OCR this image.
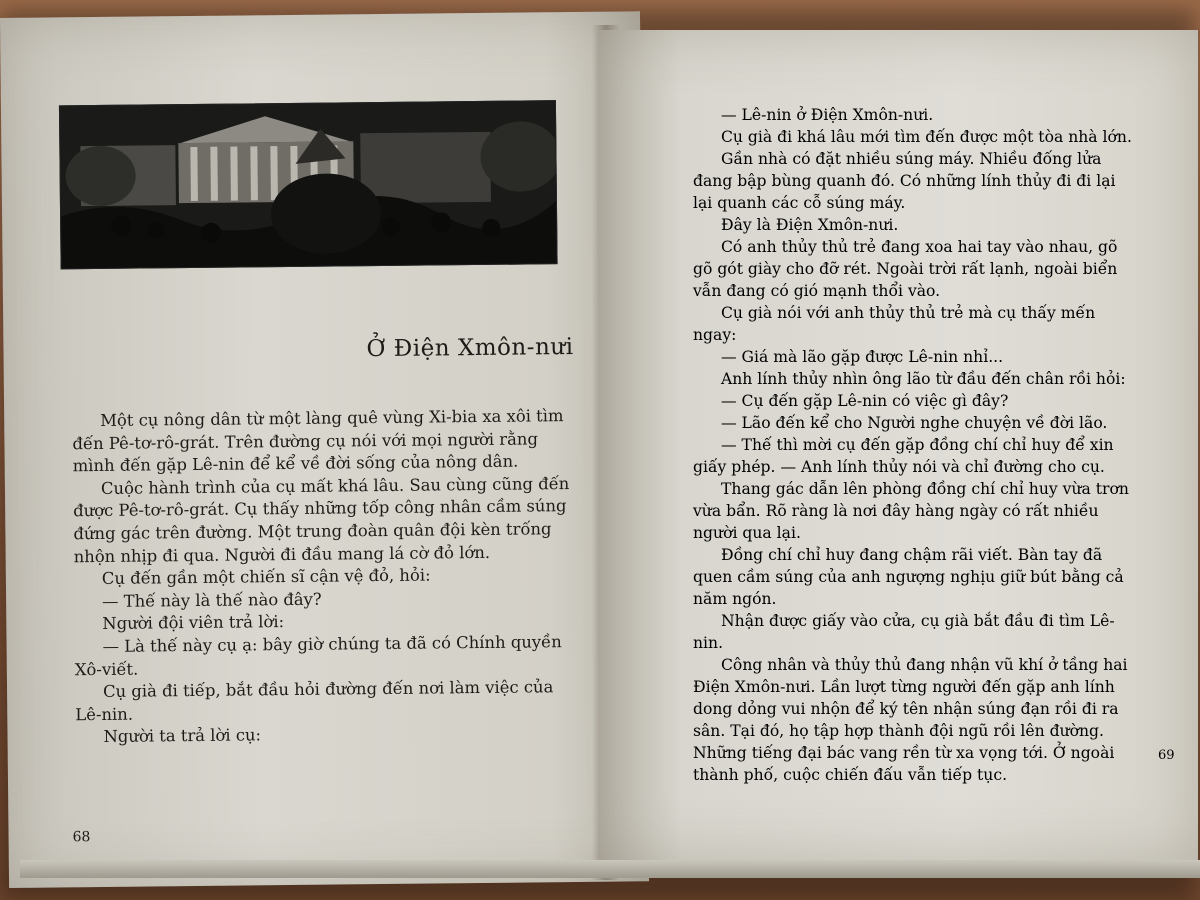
Ở Điện Xmôn-nưi

Một cụ nông dân từ một làng quê vùng Xi-bia xa xôi tìm đến Pê-tơ-rô-grát. Trên đường cụ nói với mọi người rằng mình đến gặp Lê-nin để kể về đời sống của nông dân.

Cuộc hành trình của cụ mất khá lâu. Sau cùng cũng đến được Pê-tơ-rô-grát. Cụ thấy những tốp công nhân cầm súng đứng gác trên đường. Một trung đoàn quân đội kèn trống nhộn nhịp đi qua. Người đi đầu mang lá cờ đỏ lớn.

Cụ đến gần một chiến sĩ cận vệ đỏ, hỏi:

— Thế này là thế nào đây?

Người đội viên trả lời:

— Là thế này cụ ạ: bây giờ chúng ta đã có Chính quyền Xô-viết.

Cụ già đi tiếp, bắt đầu hỏi đường đến nơi làm việc của Lê-nin.

Người ta trả lời cụ:

68

— Lê-nin ở Điện Xmôn-nưi.

Cụ già đi khá lâu mới tìm đến được một tòa nhà lớn.

Gần nhà có đặt nhiều súng máy. Nhiều đống lửa đang bập bùng quanh đó. Có những lính thủy đi đi lại lại quanh các cỗ súng máy.

Đây là Điện Xmôn-nưi.

Có anh thủy thủ trẻ đang xoa hai tay vào nhau, gõ gõ gót giày cho đỡ rét. Ngoài trời rất lạnh, ngoài biển vẫn đang có gió mạnh thổi vào.

Cụ già nói với anh thủy thủ trẻ mà cụ thấy mến ngay:

— Giá mà lão gặp được Lê-nin nhỉ...

Anh lính thủy nhìn ông lão từ đầu đến chân rồi hỏi:

— Cụ đến gặp Lê-nin có việc gì đây?

— Lão đến kể cho Người nghe chuyện về đời lão.

— Thế thì mời cụ đến gặp đồng chí chỉ huy để xin giấy phép. — Anh lính thủy nói và chỉ đường cho cụ.

Thang gác dẫn lên phòng đồng chí chỉ huy vừa trơn vừa bẩn. Rõ ràng là nơi đây hàng ngày có rất nhiều người qua lại.

Đồng chí chỉ huy đang chậm rãi viết. Bàn tay đã quen cầm súng của anh ngượng nghịu giữ bút bằng cả năm ngón.

Nhận được giấy vào cửa, cụ già bắt đầu đi tìm Lê-nin.

Công nhân và thủy thủ đang nhận vũ khí ở tầng hai Điện Xmôn-nưi. Lần lượt từng người đến gặp anh lính dong dỏng vui nhộn để ký tên nhận súng đạn rồi đi ra sân. Tại đó, họ tập hợp thành đội ngũ rồi lên đường. Những tiếng đại bác vang rền từ xa vọng tới. Ở ngoài thành phố, cuộc chiến đấu vẫn tiếp tục.

69
